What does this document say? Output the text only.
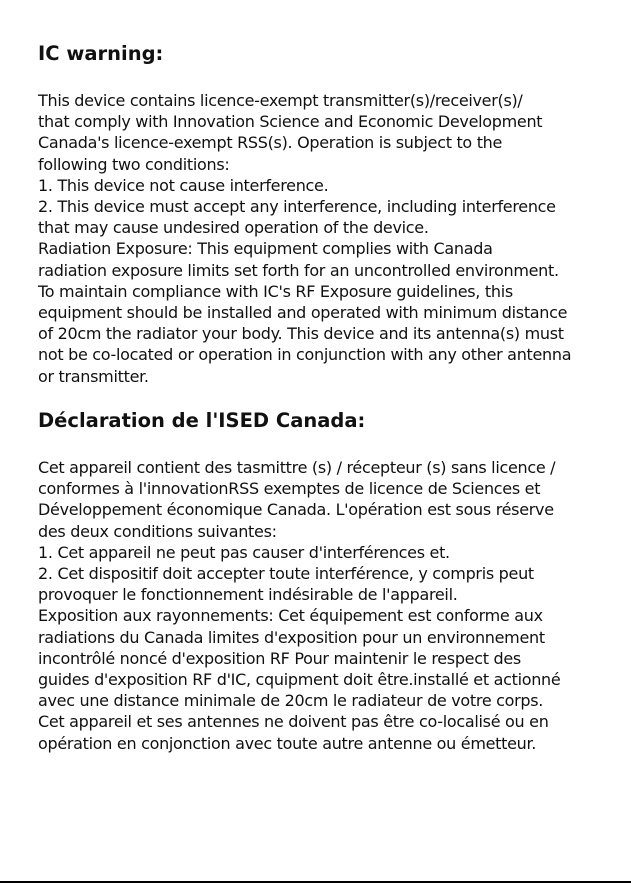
IC warning:
This device contains licence-exempt transmitter(s)/receiver(s)/
that comply with Innovation Science and Economic Development
Canada's licence-exempt RSS(s). Operation is subject to the
following two conditions:
1. This device not cause interference.
2. This device must accept any interference, including interference
that may cause undesired operation of the device.
Radiation Exposure: This equipment complies with Canada
radiation exposure limits set forth for an uncontrolled environment.
To maintain compliance with IC's RF Exposure guidelines, this
equipment should be installed and operated with minimum distance
of 20cm the radiator your body. This device and its antenna(s) must
not be co-located or operation in conjunction with any other antenna
or transmitter.
Déclaration de l'ISED Canada:
Cet appareil contient des tasmittre (s) / récepteur (s) sans licence /
conformes à l'innovationRSS exemptes de licence de Sciences et
Développement économique Canada. L'opération est sous réserve
des deux conditions suivantes:
1. Cet appareil ne peut pas causer d'interférences et.
2. Cet dispositif doit accepter toute interférence, y compris peut
provoquer le fonctionnement indésirable de l'appareil.
Exposition aux rayonnements: Cet équipement est conforme aux
radiations du Canada limites d'exposition pour un environnement
incontrôlé noncé d'exposition RF Pour maintenir le respect des
guides d'exposition RF d'IC, cquipment doit être.installé et actionné
avec une distance minimale de 20cm le radiateur de votre corps.
Cet appareil et ses antennes ne doivent pas être co-localisé ou en
opération en conjonction avec toute autre antenne ou émetteur.
